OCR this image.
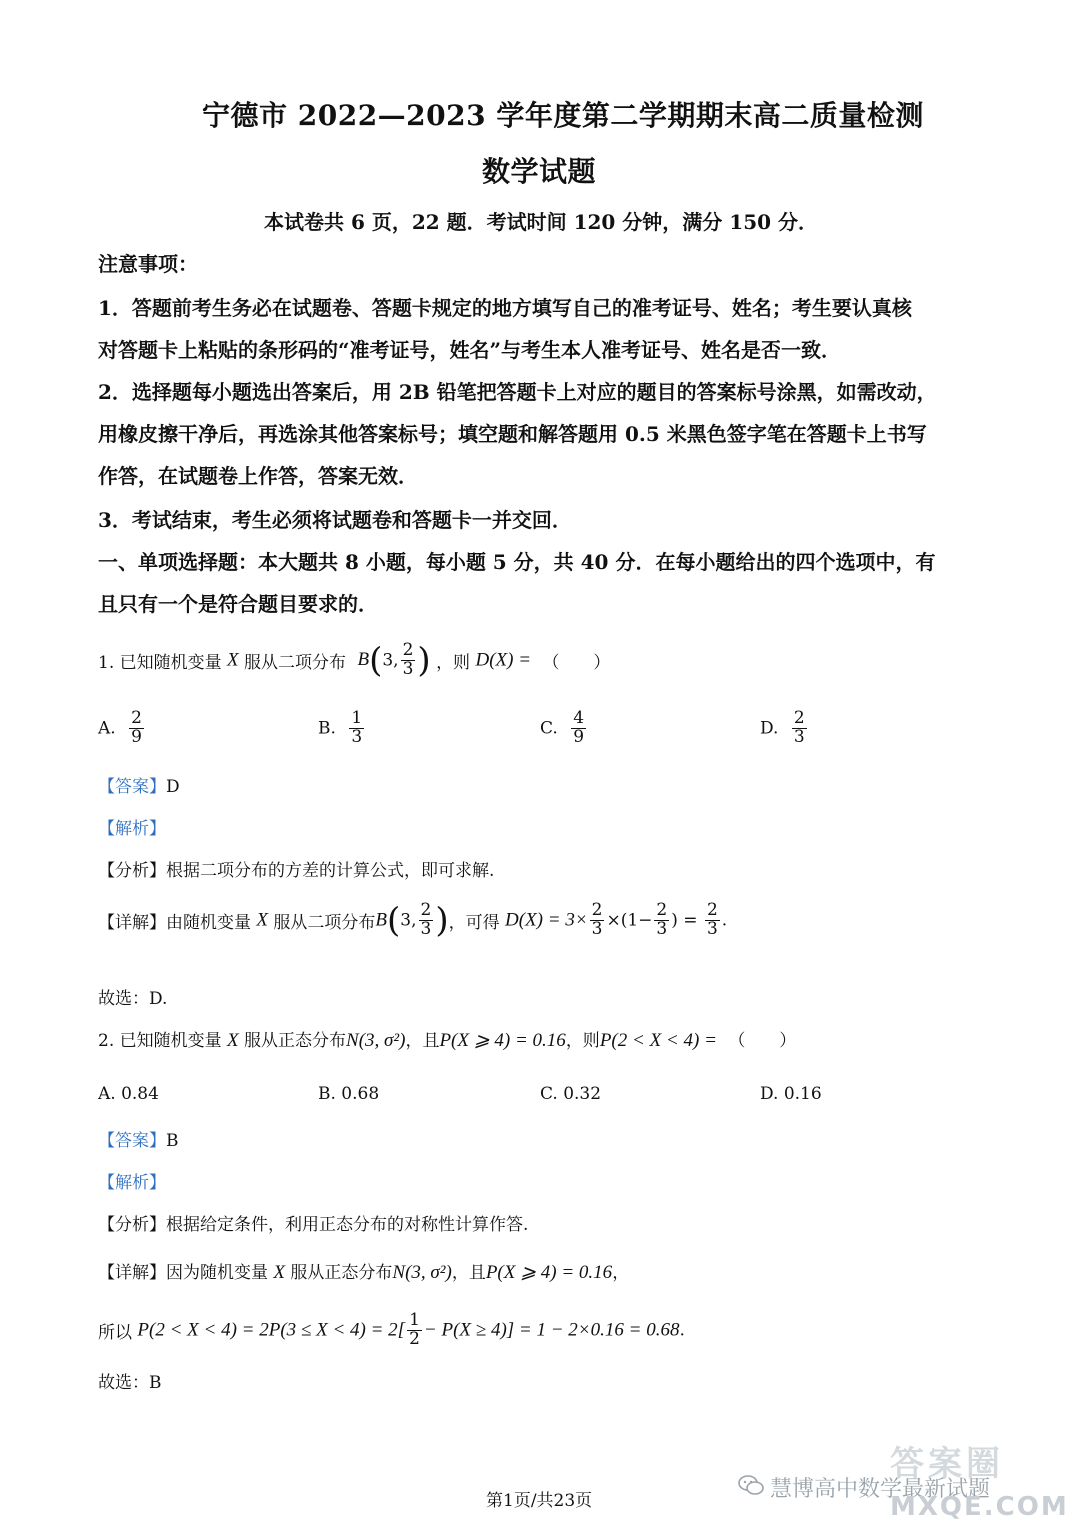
宁德市 2022—2023 学年度第二学期期末高二质量检测
数学试题
本试卷共 6 页，22 题．考试时间 120 分钟，满分 150 分．
注意事项：
1．答题前考生务必在试题卷、答题卡规定的地方填写自己的准考证号、姓名；考生要认真核
对答题卡上粘贴的条形码的“准考证号，姓名”与考生本人准考证号、姓名是否一致．
2．选择题每小题选出答案后，用 2B 铅笔把答题卡上对应的题目的答案标号涂黑，如需改动，
用橡皮擦干净后，再选涂其他答案标号；填空题和解答题用 0.5 米黑色签字笔在答题卡上书写
作答，在试题卷上作答，答案无效．
3．考试结束，考生必须将试题卷和答题卡一并交回．
一、单项选择题：本大题共 8 小题，每小题 5 分，共 40 分．在每小题给出的四个选项中，有
且只有一个是符合题目要求的．
1. 已知随机变量 X 服从二项分布 B(3, $\frac{2}{3}$ ) ，则 D(X) = （　　）
A. $\frac{2}{9}$	B. $\frac{1}{3}$	C. $\frac{4}{9}$	D. $\frac{2}{3}$
【答案】D
【解析】
【分析】根据二项分布的方差的计算公式，即可求解.
【详解】由随机变量 X 服从二项分布B(3, $\frac{2}{3}$ )，可得 $D(X) = 3\times \frac{2}{3} \times(1- \frac{2}{3}$ ) = $\frac{2}{3}$ .
故选：D.
2. 已知随机变量 X 服从正态分布N(3, σ²)，且P(X ⩾ 4) = 0.16，则P(2 < X < 4) = （　　）
A. 0.84	B. 0.68	C. 0.32	D. 0.16
【答案】B
【解析】
【分析】根据给定条件，利用正态分布的对称性计算作答.
【详解】因为随机变量 X 服从正态分布N(3, σ²)，且P(X ⩾ 4) = 0.16，
所以 $P(2 < X < 4) = 2P(3 \le X < 4) = 2[ \frac{1}{2} - P(X \ge 4)] = 1 - 2\times 0.16 = 0.68$.
故选：B
第1页/共23页	慧博高中数学最新试题
答案圈
MXQE.COM
